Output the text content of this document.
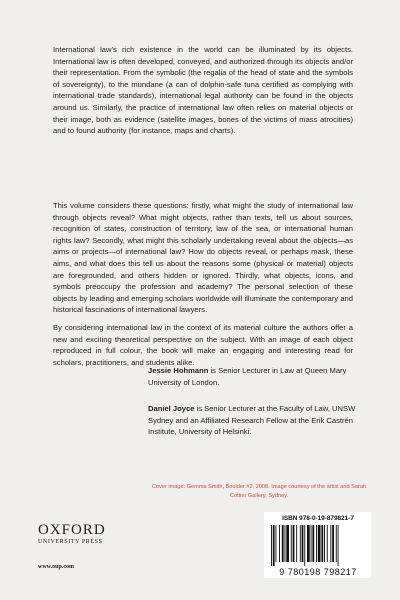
International law’s rich existence in the world can be illuminated by its objects. International law is often developed, conveyed, and authorized through its objects and/or their representation. From the symbolic (the regalia of the head of state and the symbols of sovereignty), to the mundane (a can of dolphin-safe tuna certified as complying with international trade standards), international legal authority can be found in the objects around us. Similarly, the practice of international law often relies on material objects or their image, both as evidence (satellite images, bones of the victims of mass atrocities) and to found authority (for instance, maps and charts).

This volume considers these questions: firstly, what might the study of international law through objects reveal? What might objects, rather than texts, tell us about sources, recognition of states, construction of territory, law of the sea, or international human rights law? Secondly, what might this scholarly undertaking reveal about the objects—as aims or projects—of international law? How do objects reveal, or perhaps mask, these aims, and what does this tell us about the reasons some (physical or material) objects are foregrounded, and others hidden or ignored. Thirdly, what objects, icons, and symbols preoccupy the profession and academy? The personal selection of these objects by leading and emerging scholars worldwide will illuminate the contemporary and historical fascinations of international lawyers.

By considering international law in the context of its material culture the authors offer a new and exciting theoretical perspective on the subject. With an image of each object reproduced in full colour, the book will make an engaging and interesting read for scholars, practitioners, and students alike.

Jessie Hohmann is Senior Lecturer in Law at Queen Mary University of London.

Daniel Joyce is Senior Lecturer at the Faculty of Law, UNSW Sydney and an Affiliated Research Fellow at the Erik Castrén Institute, University of Helsinki.

Cover image: Gemma Smith, Boulder #2, 2008. Image courtesy of the artist and Sarah Cottier Gallery, Sydney.

OXFORD
UNIVERSITY PRESS
www.oup.com
ISBN 978-0-19-879821-7
9 780198 798217
